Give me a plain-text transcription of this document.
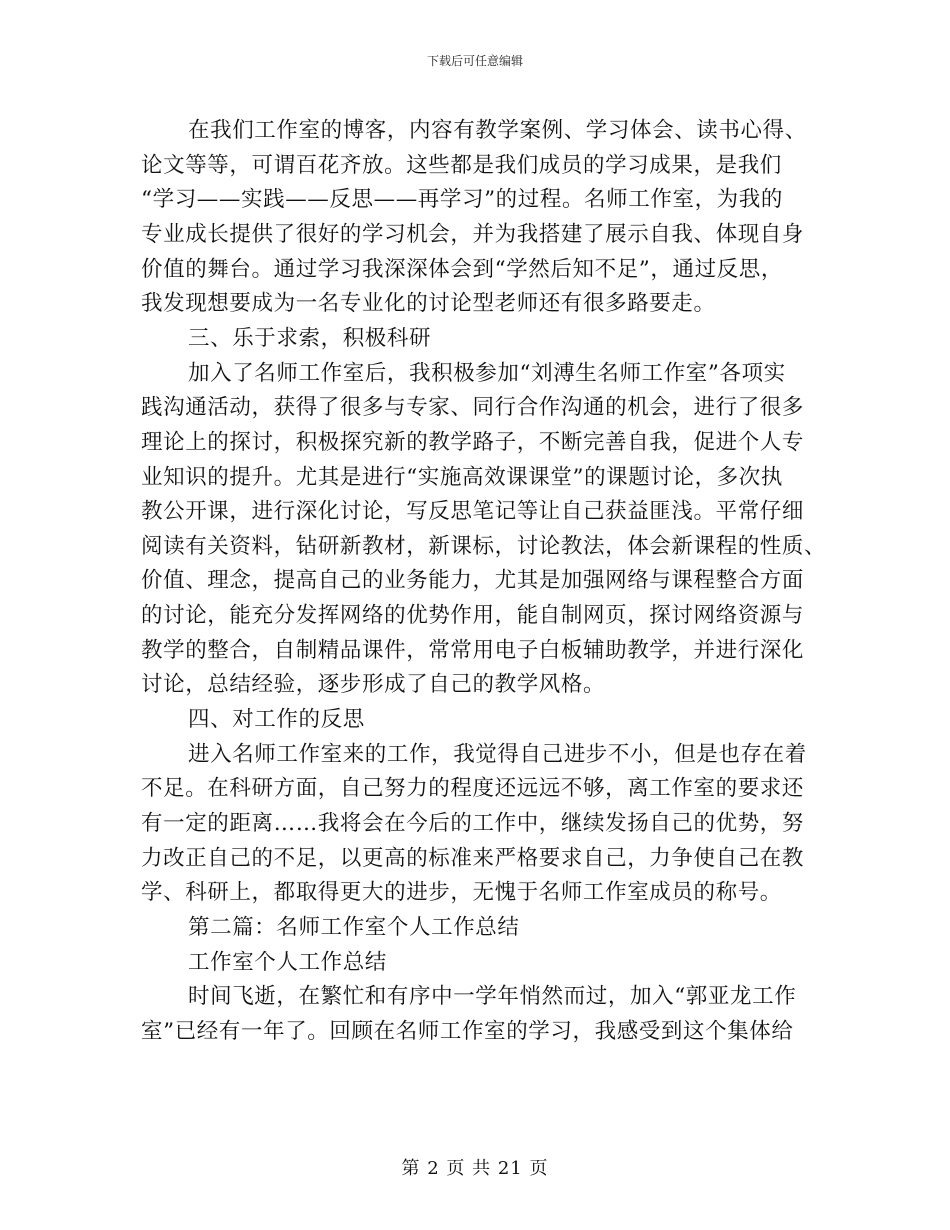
下载后可任意编辑
在我们工作室的博客，内容有教学案例、学习体会、读书心得、
论文等等，可谓百花齐放。这些都是我们成员的学习成果，是我们
“学习——实践——反思——再学习”的过程。名师工作室，为我的
专业成长提供了很好的学习机会，并为我搭建了展示自我、体现自身
价值的舞台。通过学习我深深体会到“学然后知不足”，通过反思，
我发现想要成为一名专业化的讨论型老师还有很多路要走。
三、乐于求索，积极科研
加入了名师工作室后，我积极参加“刘溥生名师工作室”各项实
践沟通活动，获得了很多与专家、同行合作沟通的机会，进行了很多
理论上的探讨，积极探究新的教学路子，不断完善自我，促进个人专
业知识的提升。尤其是进行“实施高效课课堂”的课题讨论，多次执
教公开课，进行深化讨论，写反思笔记等让自己获益匪浅。平常仔细
阅读有关资料，钻研新教材，新课标，讨论教法，体会新课程的性质、
价值、理念，提高自己的业务能力，尤其是加强网络与课程整合方面
的讨论，能充分发挥网络的优势作用，能自制网页，探讨网络资源与
教学的整合，自制精品课件，常常用电子白板辅助教学，并进行深化
讨论，总结经验，逐步形成了自己的教学风格。
四、对工作的反思
进入名师工作室来的工作，我觉得自己进步不小，但是也存在着
不足。在科研方面，自己努力的程度还远远不够，离工作室的要求还
有一定的距离……我将会在今后的工作中，继续发扬自己的优势，努
力改正自己的不足，以更高的标准来严格要求自己，力争使自己在教
学、科研上，都取得更大的进步，无愧于名师工作室成员的称号。
第二篇：名师工作室个人工作总结
工作室个人工作总结
时间飞逝，在繁忙和有序中一学年悄然而过，加入“郭亚龙工作
室”已经有一年了。回顾在名师工作室的学习，我感受到这个集体给
第 2 页 共 21 页
